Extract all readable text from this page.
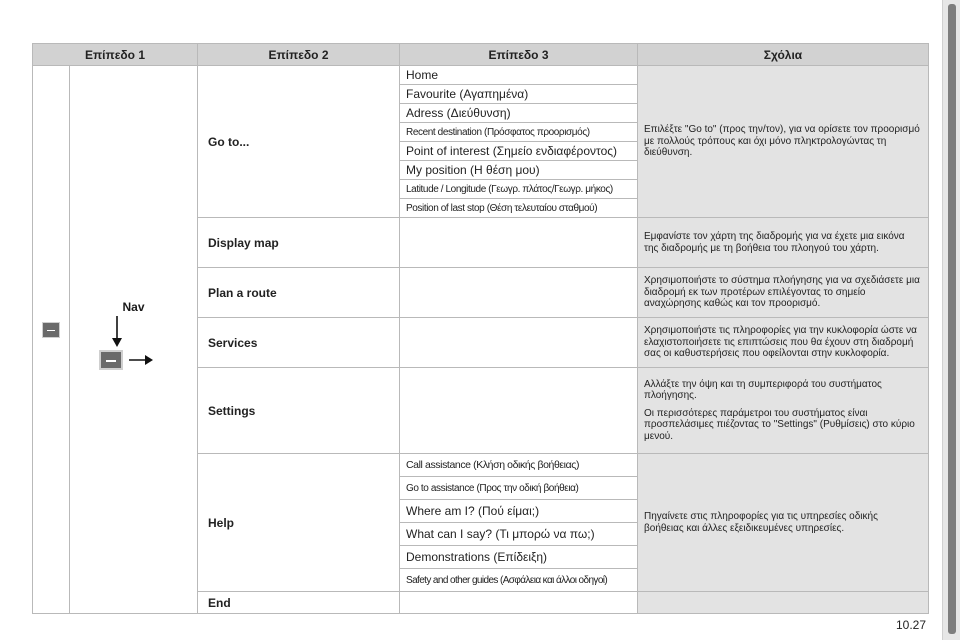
Επίπεδο 1		Επίπεδο 2	Επίπεδο 3	Σχόλια

	Nav	Go to...	Home	Επιλέξτε "Go to" (προς την/τον), για να ορίσετε τον προορισμό με πολλούς τρόπους και όχι μόνο πληκτρολογώντας τη διεύθυνση.
			Favourite (Αγαπημένα)	
			Adress (Διεύθυνση)	
			Recent destination (Πρόσφατος προορισμός)	
			Point of interest (Σημείο ενδιαφέροντος)	
			My position (Η θέση μου)	
			Latitude / Longitude (Γεωγρ. πλάτος/Γεωγρ. μήκος)	
			Position of last stop (Θέση τελευταίου σταθμού)	
		Display map		Εμφανίστε τον χάρτη της διαδρομής για να έχετε μια εικόνα της διαδρομής με τη βοήθεια του πλοηγού του χάρτη.
		Plan a route		Χρησιμοποιήστε το σύστημα πλοήγησης για να σχεδιάσετε μια διαδρομή εκ των προτέρων επιλέγοντας το σημείο αναχώρησης καθώς και τον προορισμό.
		Services		Χρησιμοποιήστε τις πληροφορίες για την κυκλοφορία ώστε να ελαχιστοποιήσετε τις επιπτώσεις που θα έχουν στη διαδρομή σας οι καθυστερήσεις που οφείλονται στην κυκλοφορία.
		Settings		Αλλάξτε την όψη και τη συμπεριφορά του συστήματος πλοήγησης.

Οι περισσότερες παράμετροι του συστήματος είναι προσπελάσιμες πιέζοντας το "Settings" (Ρυθμίσεις) στο κύριο μενού.

		Help	Call assistance (Κλήση οδικής βοήθειας)	Πηγαίνετε στις πληροφορίες για τις υπηρεσίες οδικής βοήθειας και άλλες εξειδικευμένες υπηρεσίες.
			Go to assistance (Προς την οδική βοήθεια)	
			Where am I? (Πού είμαι;)	
			What can I say? (Τι μπορώ να πω;)	
			Demonstrations (Επίδειξη)	
			Safety and other guides (Ασφάλεια και άλλοι οδηγοί)	
		End		
10.27
